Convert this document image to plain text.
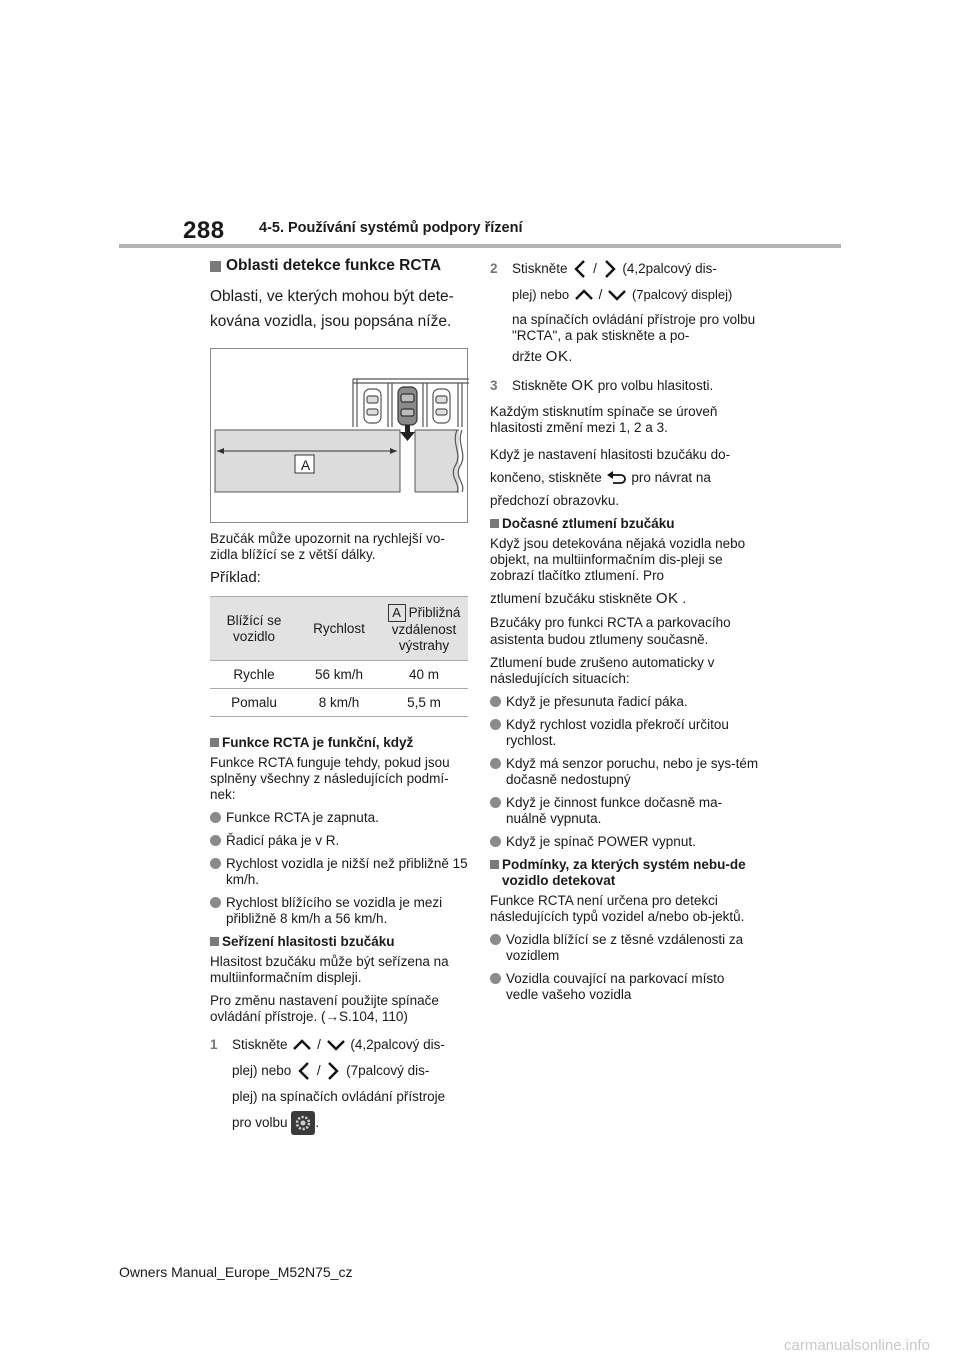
288 4-5. Používání systémů podpory řízení
Oblasti detekce funkce RCTA
Oblasti, ve kterých mohou být dete-kována vozidla, jsou popsána níže.
A
Bzučák může upozornit na rychlejší vo-zidla blížící se z větší dálky.
Příklad:
Blížící se vozidlo	Rychlost	A Přibližná vzdálenost výstrahy
Rychle	56 km/h	40 m
Pomalu	8 km/h	5,5 m
Funkce RCTA je funkční, když
Funkce RCTA funguje tehdy, pokud jsou splněny všechny z následujících podmí-nek:
Funkce RCTA je zapnuta.
Řadicí páka je v R.
Rychlost vozidla je nižší než přibližně 15 km/h.
Rychlost blížícího se vozidla je mezi přibližně 8 km/h a 56 km/h.
Seřízení hlasitosti bzučáku
Hlasitost bzučáku může být seřízena na multiinformačním displeji.
Pro změnu nastavení použijte spínače ovládání přístroje. (→S.104, 110)
1 Stiskněte / (4,2palcový dis-
plej) nebo / (7palcový dis-
plej) na spínačích ovládání přístroje
pro volbu .
2 Stiskněte / (4,2palcový dis-
plej) nebo / (7palcový displej)
na spínačích ovládání přístroje pro volbu "RCTA", a pak stiskněte a po-
držte OK.
3 Stiskněte OK pro volbu hlasitosti.
Každým stisknutím spínače se úroveň hlasitosti změní mezi 1, 2 a 3.
Když je nastavení hlasitosti bzučáku do-
končeno, stiskněte pro návrat na
předchozí obrazovku.
Dočasné ztlumení bzučáku
Když jsou detekována nějaká vozidla nebo objekt, na multiinformačním dis-pleji se zobrazí tlačítko ztlumení. Pro
ztlumení bzučáku stiskněte OK .
Bzučáky pro funkci RCTA a parkovacího asistenta budou ztlumeny současně.
Ztlumení bude zrušeno automaticky v následujících situacích:
Když je přesunuta řadicí páka.
Když rychlost vozidla překročí určitou rychlost.
Když má senzor poruchu, nebo je sys-tém dočasně nedostupný
Když je činnost funkce dočasně ma-nuálně vypnuta.
Když je spínač POWER vypnut.
Podmínky, za kterých systém nebu-de vozidlo detekovat
Funkce RCTA není určena pro detekci následujících typů vozidel a/nebo ob-jektů.
Vozidla blížící se z těsné vzdálenosti za vozidlem
Vozidla couvající na parkovací místo vedle vašeho vozidla
Owners Manual_Europe_M52N75_cz
carmanualsonline.info
